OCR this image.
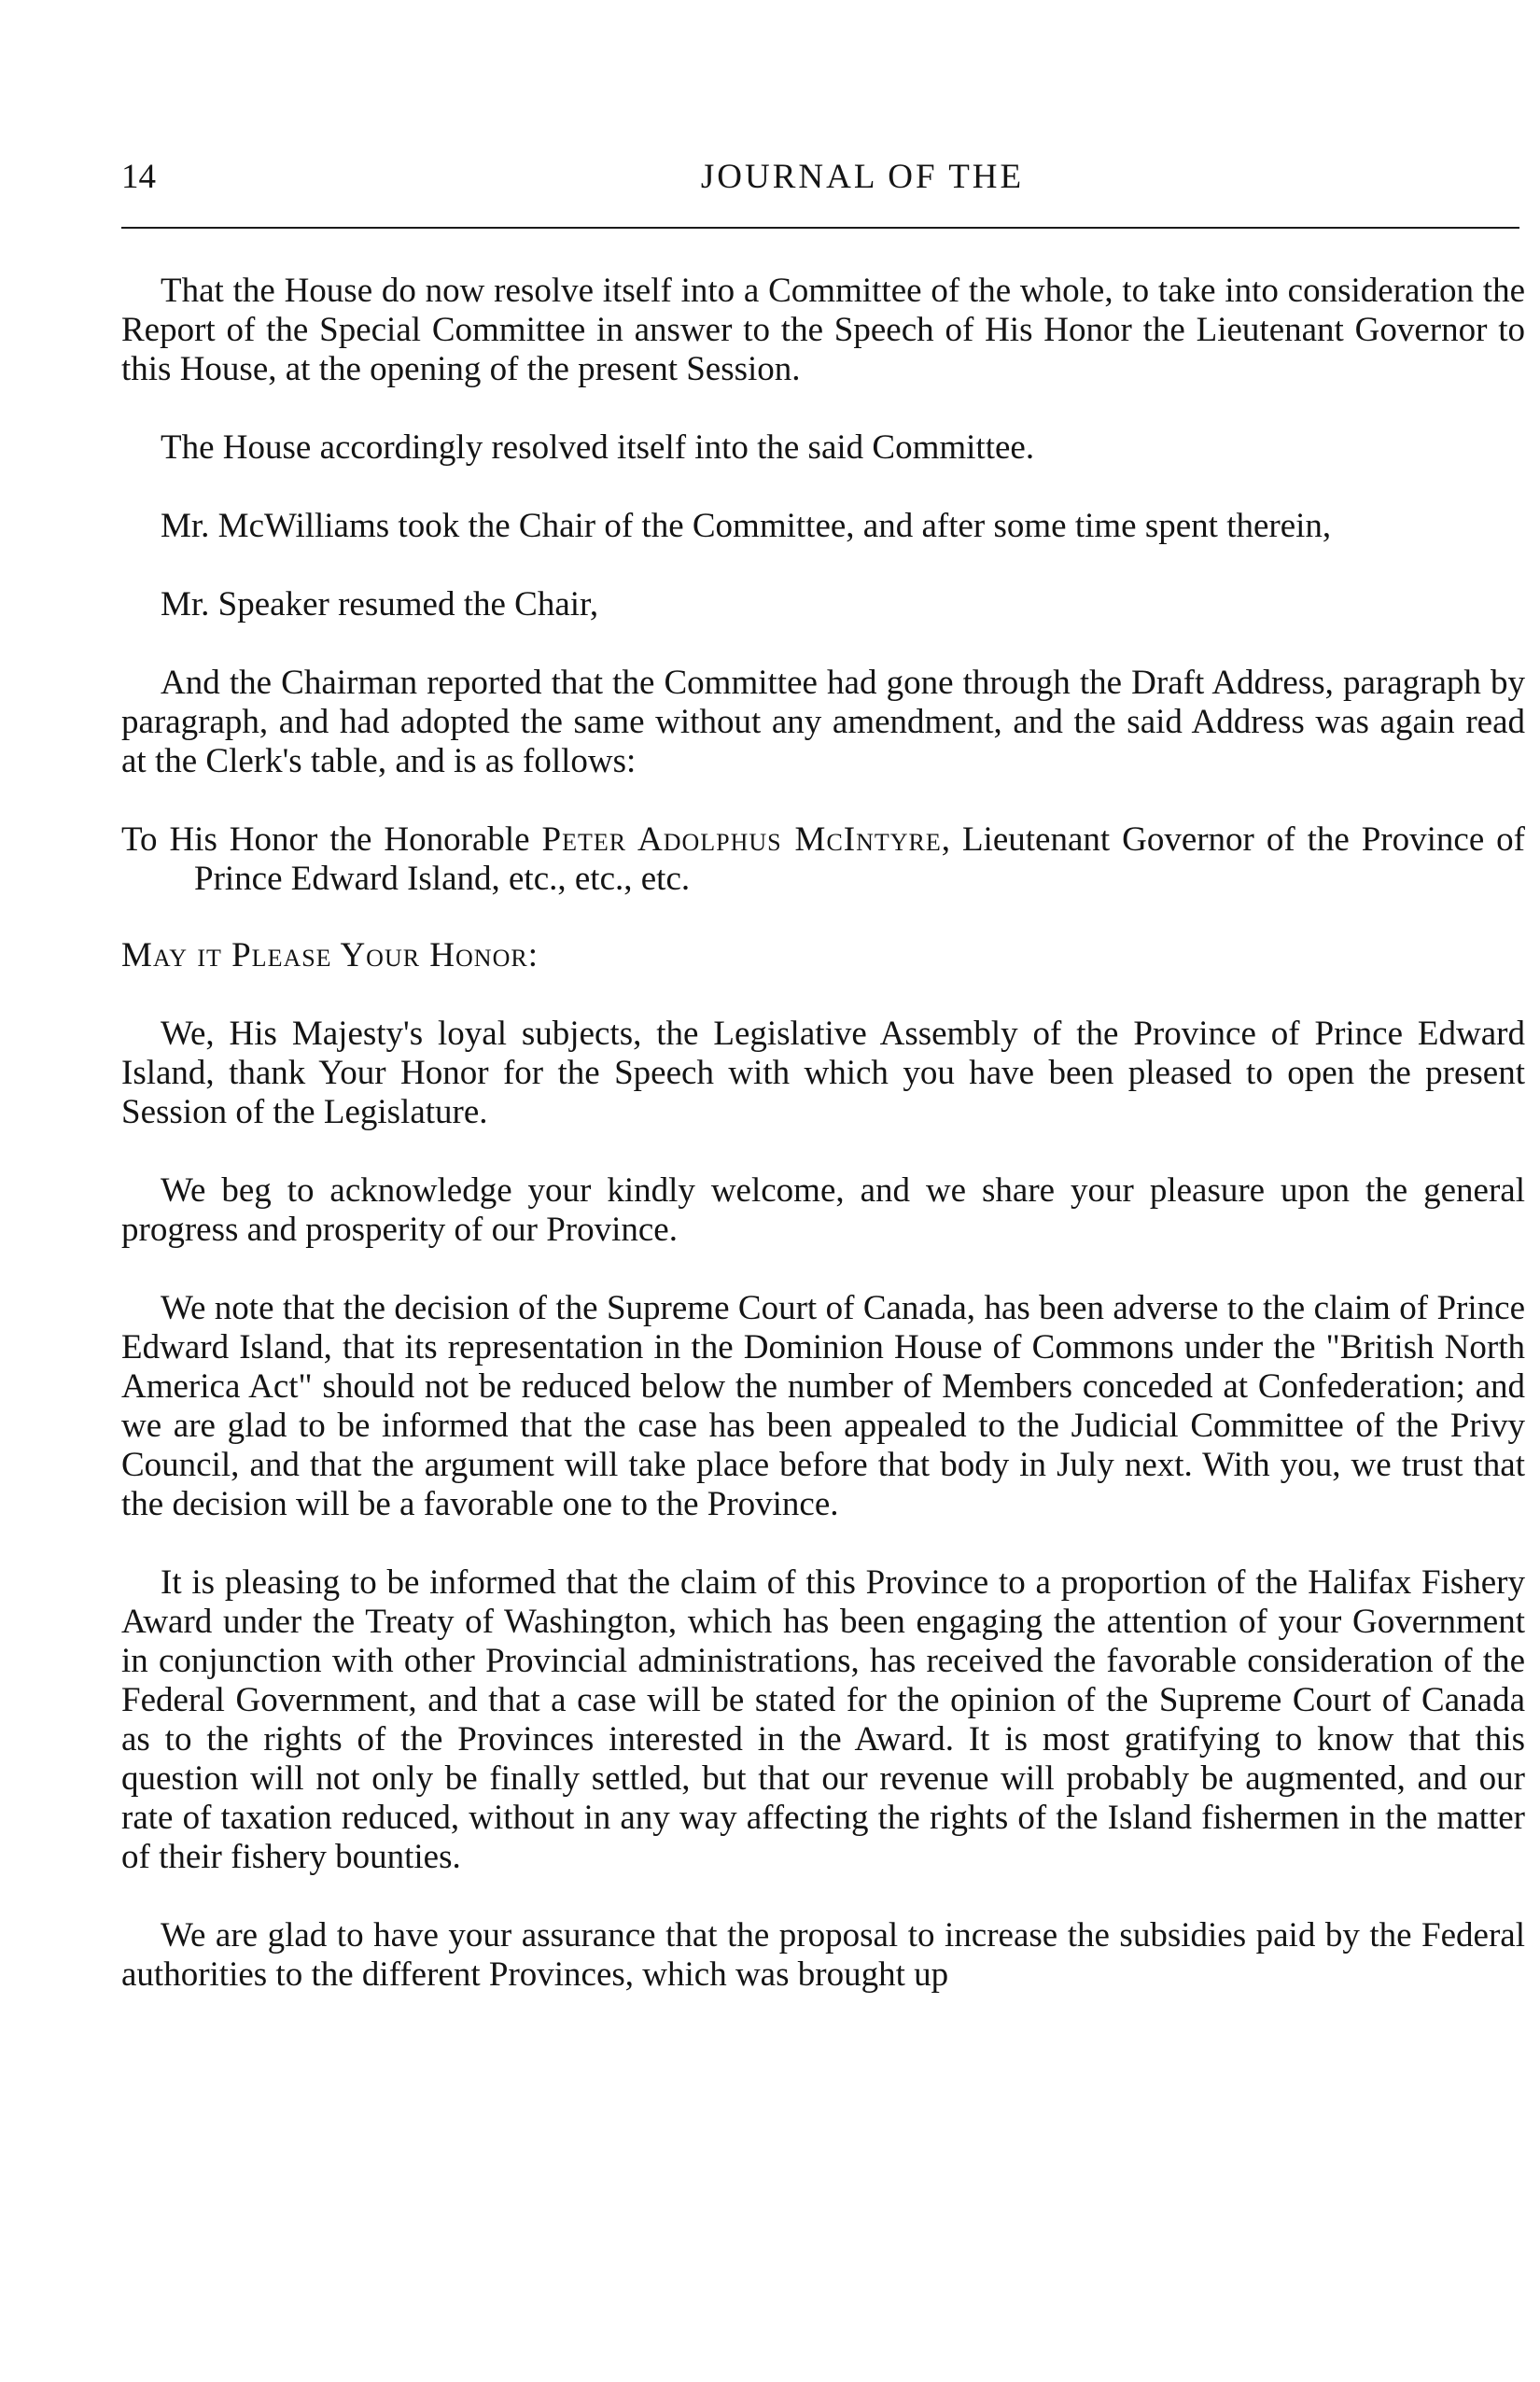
14	JOURNAL OF THE

That the House do now resolve itself into a Committee of the whole, to take into consideration the Report of the Special Committee in answer to the Speech of His Honor the Lieutenant Governor to this House, at the opening of the present Session.

The House accordingly resolved itself into the said Committee.

Mr. McWilliams took the Chair of the Committee, and after some time spent therein,

Mr. Speaker resumed the Chair,

And the Chairman reported that the Committee had gone through the Draft Address, paragraph by paragraph, and had adopted the same without any amendment, and the said Address was again read at the Clerk's table, and is as follows:

To His Honor the Honorable Peter Adolphus McIntyre, Lieutenant Governor of the Province of Prince Edward Island, etc., etc., etc.

May it Please Your Honor:

We, His Majesty's loyal subjects, the Legislative Assembly of the Province of Prince Edward Island, thank Your Honor for the Speech with which you have been pleased to open the present Session of the Legislature.

We beg to acknowledge your kindly welcome, and we share your pleasure upon the general progress and prosperity of our Province.

We note that the decision of the Supreme Court of Canada, has been adverse to the claim of Prince Edward Island, that its representation in the Dominion House of Commons under the "British North America Act" should not be reduced below the number of Members conceded at Confederation; and we are glad to be informed that the case has been appealed to the Judicial Committee of the Privy Council, and that the argument will take place before that body in July next. With you, we trust that the decision will be a favorable one to the Province.

It is pleasing to be informed that the claim of this Province to a proportion of the Halifax Fishery Award under the Treaty of Washington, which has been engaging the attention of your Government in conjunction with other Provincial administrations, has received the favorable consideration of the Federal Government, and that a case will be stated for the opinion of the Supreme Court of Canada as to the rights of the Provinces interested in the Award. It is most gratifying to know that this question will not only be finally settled, but that our revenue will probably be augmented, and our rate of taxation reduced, without in any way affecting the rights of the Island fishermen in the matter of their fishery bounties.

We are glad to have your assurance that the proposal to increase the subsidies paid by the Federal authorities to the different Provinces, which was brought up
